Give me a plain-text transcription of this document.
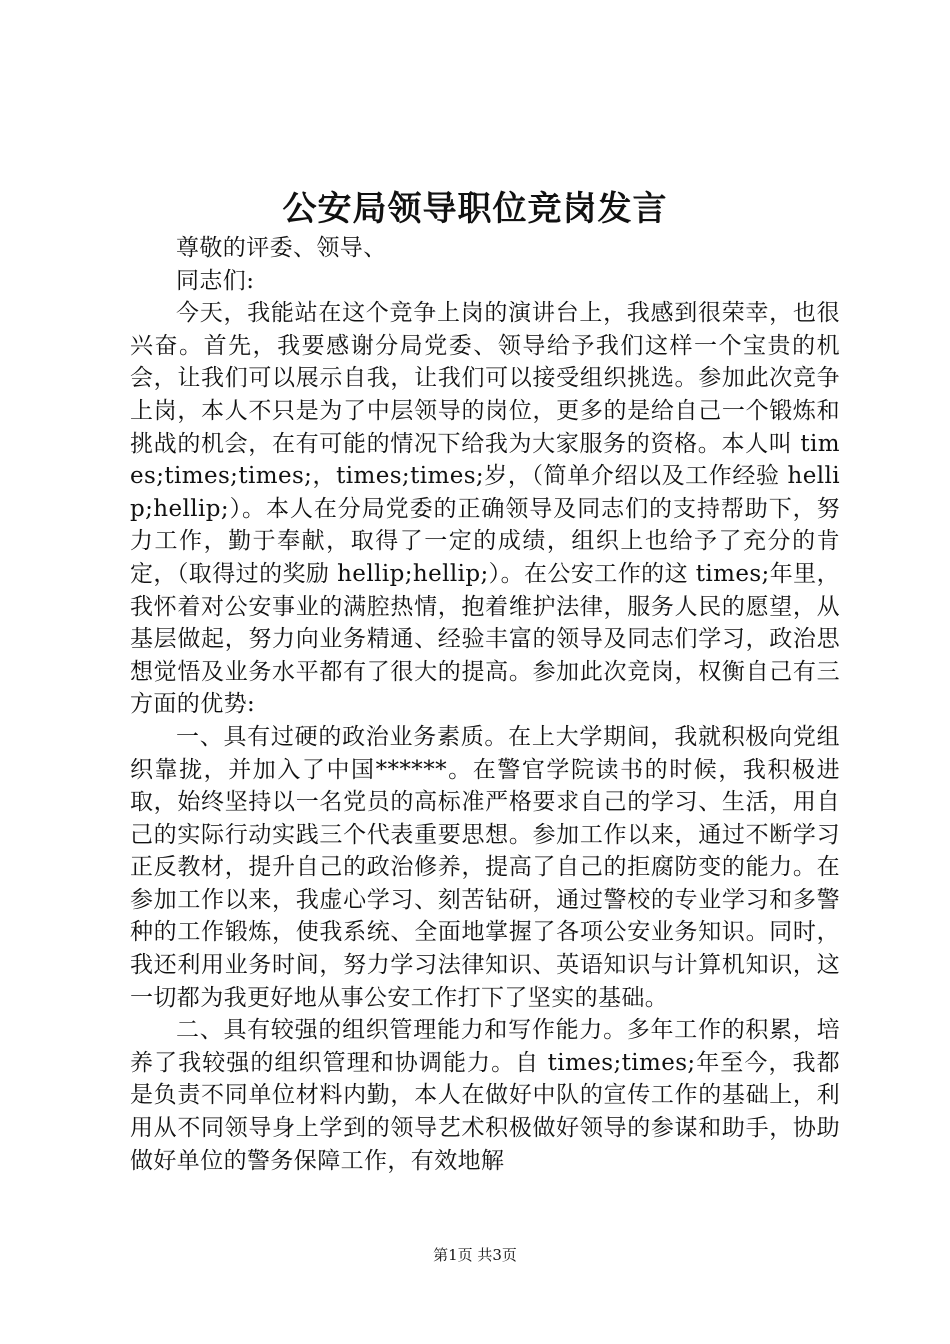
公安局领导职位竞岗发言

尊敬的评委、领导、

同志们:

今天，我能站在这个竞争上岗的演讲台上，我感到很荣幸，也很兴奋。首先，我要感谢分局党委、领导给予我们这样一个宝贵的机会，让我们可以展示自我，让我们可以接受组织挑选。参加此次竞争上岗，本人不只是为了中层领导的岗位，更多的是给自己一个锻炼和挑战的机会，在有可能的情况下给我为大家服务的资格。本人叫 times;times;times;，times;times;岁，（简单介绍以及工作经验 hellip;hellip;）。本人在分局党委的正确领导及同志们的支持帮助下，努力工作，勤于奉献，取得了一定的成绩，组织上也给予了充分的肯定，（取得过的奖励 hellip;hellip;）。在公安工作的这 times;年里，我怀着对公安事业的满腔热情，抱着维护法律，服务人民的愿望，从基层做起，努力向业务精通、经验丰富的领导及同志们学习，政治思想觉悟及业务水平都有了很大的提高。参加此次竞岗，权衡自己有三方面的优势:

一、具有过硬的政治业务素质。在上大学期间，我就积极向党组织靠拢，并加入了中国******。在警官学院读书的时候，我积极进取，始终坚持以一名党员的高标准严格要求自己的学习、生活，用自己的实际行动实践三个代表重要思想。参加工作以来，通过不断学习正反教材，提升自己的政治修养，提高了自己的拒腐防变的能力。在参加工作以来，我虚心学习、刻苦钻研，通过警校的专业学习和多警种的工作锻炼，使我系统、全面地掌握了各项公安业务知识。同时，我还利用业务时间，努力学习法律知识、英语知识与计算机知识，这一切都为我更好地从事公安工作打下了坚实的基础。

二、具有较强的组织管理能力和写作能力。多年工作的积累，培养了我较强的组织管理和协调能力。自 times;times;年至今，我都是负责不同单位材料内勤，本人在做好中队的宣传工作的基础上，利用从不同领导身上学到的领导艺术积极做好领导的参谋和助手，协助做好单位的警务保障工作，有效地解

第1页 共3页
